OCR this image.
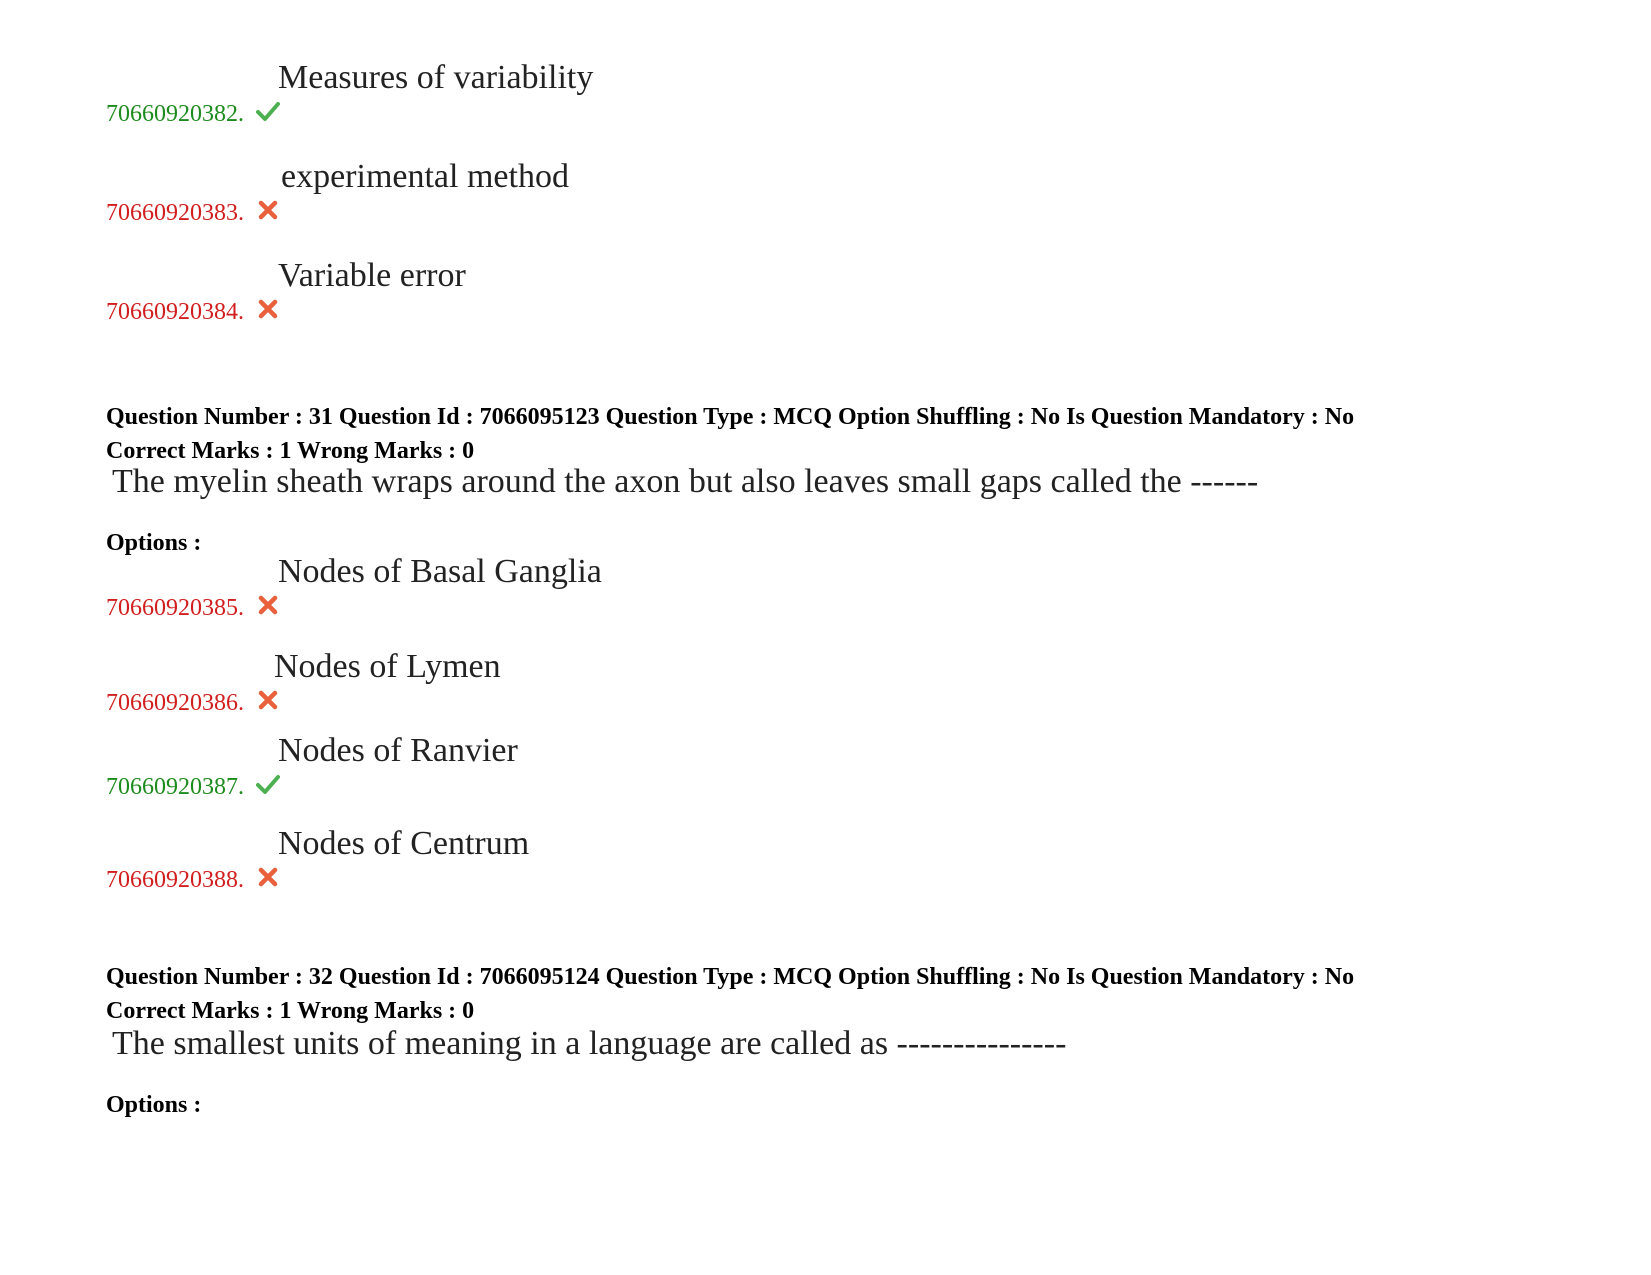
70660920382.
Measures of variability
70660920383.
experimental method
70660920384.
Variable error
Question Number : 31 Question Id : 7066095123 Question Type : MCQ Option Shuffling : No Is Question Mandatory : No
Correct Marks : 1 Wrong Marks : 0
The myelin sheath wraps around the axon but also leaves small gaps called the ------
Options :
70660920385.
Nodes of Basal Ganglia
70660920386.
Nodes of Lymen
70660920387.
Nodes of Ranvier
70660920388.
Nodes of Centrum
Question Number : 32 Question Id : 7066095124 Question Type : MCQ Option Shuffling : No Is Question Mandatory : No
Correct Marks : 1 Wrong Marks : 0
The smallest units of meaning in a language are called as ---------------
Options :
